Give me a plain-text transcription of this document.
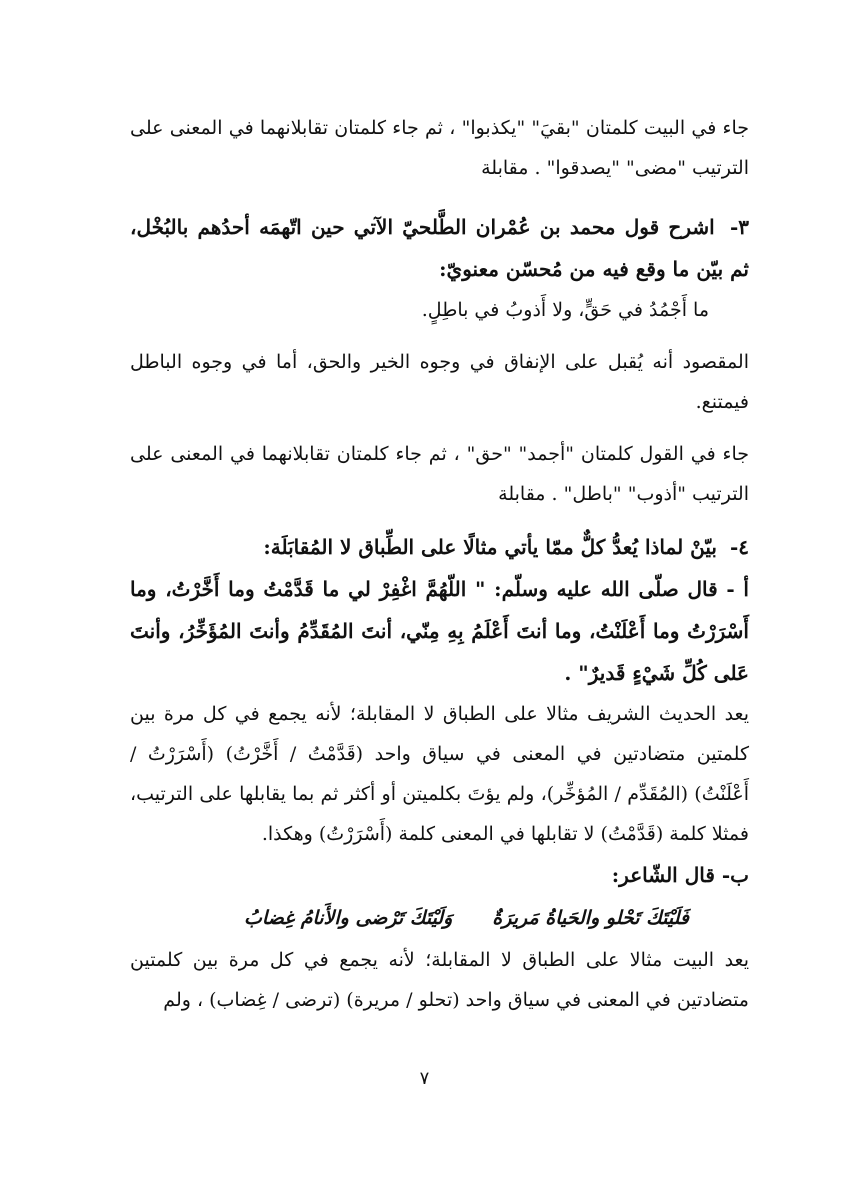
جاء في البيت كلمتان "بقيَ" "يكذبوا" ، ثم جاء كلمتان تقابلانهما في المعنى على الترتيب "مضى" "يصدقوا" . مقابلة

٣- اشرح قول محمد بن عُمْران الطَّلحيّ الآتي حين اتّهمَه أحدُهم بالبُخْل، ثم بيّن ما وقع فيه من مُحسّن معنويّ:

ما أَجْمُدُ في حَقٍّ، ولا أَذوبُ في باطِلٍ.

المقصود أنه يُقبل على الإنفاق في وجوه الخير والحق، أما في وجوه الباطل فيمتنع.

جاء في القول كلمتان "أجمد" "حق" ، ثم جاء كلمتان تقابلانهما في المعنى على الترتيب "أذوب" "باطل" . مقابلة

٤- بيّنْ لماذا يُعدُّ كلٌّ ممّا يأتي مثالًا على الطِّباق لا المُقابَلَة:

أ - قال صلّى الله عليه وسلّم: " اللّهُمَّ اغْفِرْ لي ما قَدَّمْتُ وما أَخَّرْتُ، وما أَسْرَرْتُ وما أَعْلَنْتُ، وما أنتَ أَعْلَمُ بِهِ مِنّي، أنتَ المُقَدِّمُ وأنتَ المُؤَخِّرُ، وأنتَ عَلى كُلِّ شَيْءٍ قَديرٌ" .

يعد الحديث الشريف مثالا على الطباق لا المقابلة؛ لأنه يجمع في كل مرة بين كلمتين متضادتين في المعنى في سياق واحد (قَدَّمْتُ / أَخَّرْتُ) (أَسْرَرْتُ / أَعْلَنْتُ) (المُقَدِّم / المُؤخِّر)، ولم يؤتَ بكلميتن أو أكثر ثم بما يقابلها على الترتيب، فمثلا كلمة (قَدَّمْتُ) لا تقابلها في المعنى كلمة (أَسْرَرْتُ) وهكذا.

ب- قال الشّاعر:

فَلَيْتَكَ تَحْلو والحَياةُ مَريرَةٌ
وَلَيْتَكَ تَرْضى والأَنامُ غِضابُ

يعد البيت مثالا على الطباق لا المقابلة؛ لأنه يجمع في كل مرة بين كلمتين متضادتين في المعنى في سياق واحد (تحلو / مريرة) (ترضى / غِضاب) ، ولم

٧
